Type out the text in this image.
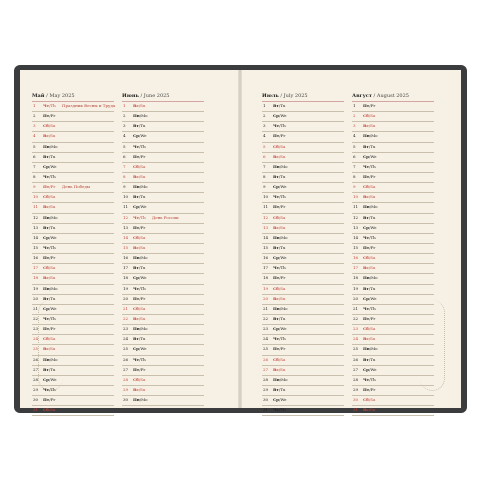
Май / May 2025
1 Чт/Th Праздник Весны и Труда
2 Пт/Fr
3 Сб/Sa
4 Вс/Su
5 Пн/Mo
6 Вт/Tu
7 Ср/We
8 Чт/Th
9 Пт/Fr День Победы
10 Сб/Sa
11 Вс/Su
12 Пн/Mo
13 Вт/Tu
14 Ср/We
15 Чт/Th
16 Пт/Fr
17 Сб/Sa
18 Вс/Su
19 Пн/Mo
20 Вт/Tu
21 Ср/We
22 Чт/Th
23 Пт/Fr
24 Сб/Sa
25 Вс/Su
26 Пн/Mo
27 Вт/Tu
28 Ср/We
29 Чт/Th
30 Пт/Fr
31 Сб/Sa
Июнь / June 2025
1 Вс/Su
2 Пн/Mo
3 Вт/Tu
4 Ср/We
5 Чт/Th
6 Пт/Fr
7 Сб/Sa
8 Вс/Su
9 Пн/Mo
10 Вт/Tu
11 Ср/We
12 Чт/Th День России
13 Пт/Fr
14 Сб/Sa
15 Вс/Su
16 Пн/Mo
17 Вт/Tu
18 Ср/We
19 Чт/Th
20 Пт/Fr
21 Сб/Sa
22 Вс/Su
23 Пн/Mo
24 Вт/Tu
25 Ср/We
26 Чт/Th
27 Пт/Fr
28 Сб/Sa
29 Вс/Su
30 Пн/Mo
Июль / July 2025
1 Вт/Tu
2 Ср/We
3 Чт/Th
4 Пт/Fr
5 Сб/Sa
6 Вс/Su
7 Пн/Mo
8 Вт/Tu
9 Ср/We
10 Чт/Th
11 Пт/Fr
12 Сб/Sa
13 Вс/Su
14 Пн/Mo
15 Вт/Tu
16 Ср/We
17 Чт/Th
18 Пт/Fr
19 Сб/Sa
20 Вс/Su
21 Пн/Mo
22 Вт/Tu
23 Ср/We
24 Чт/Th
25 Пт/Fr
26 Сб/Sa
27 Вс/Su
28 Пн/Mo
29 Вт/Tu
30 Ср/We
31 Чт/Th
Август / August 2025
1 Пт/Fr
2 Сб/Sa
3 Вс/Su
4 Пн/Mo
5 Вт/Tu
6 Ср/We
7 Чт/Th
8 Пт/Fr
9 Сб/Sa
10 Вс/Su
11 Пн/Mo
12 Вт/Tu
13 Ср/We
14 Чт/Th
15 Пт/Fr
16 Сб/Sa
17 Вс/Su
18 Пн/Mo
19 Вт/Tu
20 Ср/We
21 Чт/Th
22 Пт/Fr
23 Сб/Sa
24 Вс/Su
25 Пн/Mo
26 Вт/Tu
27 Ср/We
28 Чт/Th
29 Пт/Fr
30 Сб/Sa
31 Вс/Su
